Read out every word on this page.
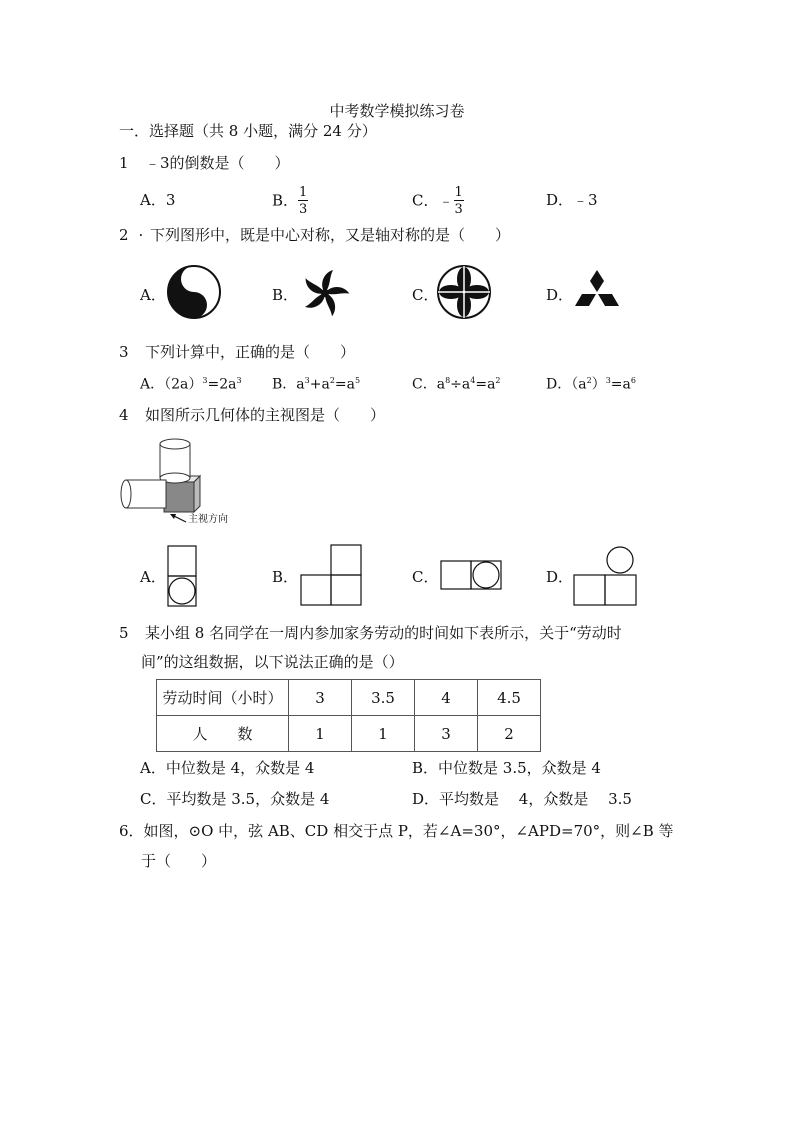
中考数学模拟练习卷
一．选择题（共 8 小题，满分 24 分）
1 ﹣3的倒数是（　　）
A．3	B． $\frac{1}{3}$	C．﹣ $\frac{1}{3}$	D．﹣3
2 · 下列图形中，既是中心对称，又是轴对称的是（　　）
A．	B．	C．	D．
3 下列计算中，正确的是（　　）
A．$(2a)^3=2a^3$ B．$a^3+a^2=a^5$	C．$a^8\div a^4=a^2$	D．$(a^2)^3=a^6$
4 如图所示几何体的主视图是（　　）
主视方向
A．	B．	C．	D．
5 某小组 8 名同学在一周内参加家务劳动的时间如下表所示，关于“劳动时
间”的这组数据，以下说法正确的是（）
劳动时间（小时）	3	3.5	4	4.5
人　　数	1	1	3	2
A．中位数是 4，众数是 4	B．中位数是 3.5，众数是 4
C．平均数是 3.5，众数是 4	D．平均数是　 4，众数是　 3.5
6．如图，⊙O 中，弦 AB、CD 相交于点 P，若∠A=30°，∠APD=70°，则∠B 等
于（　　）
